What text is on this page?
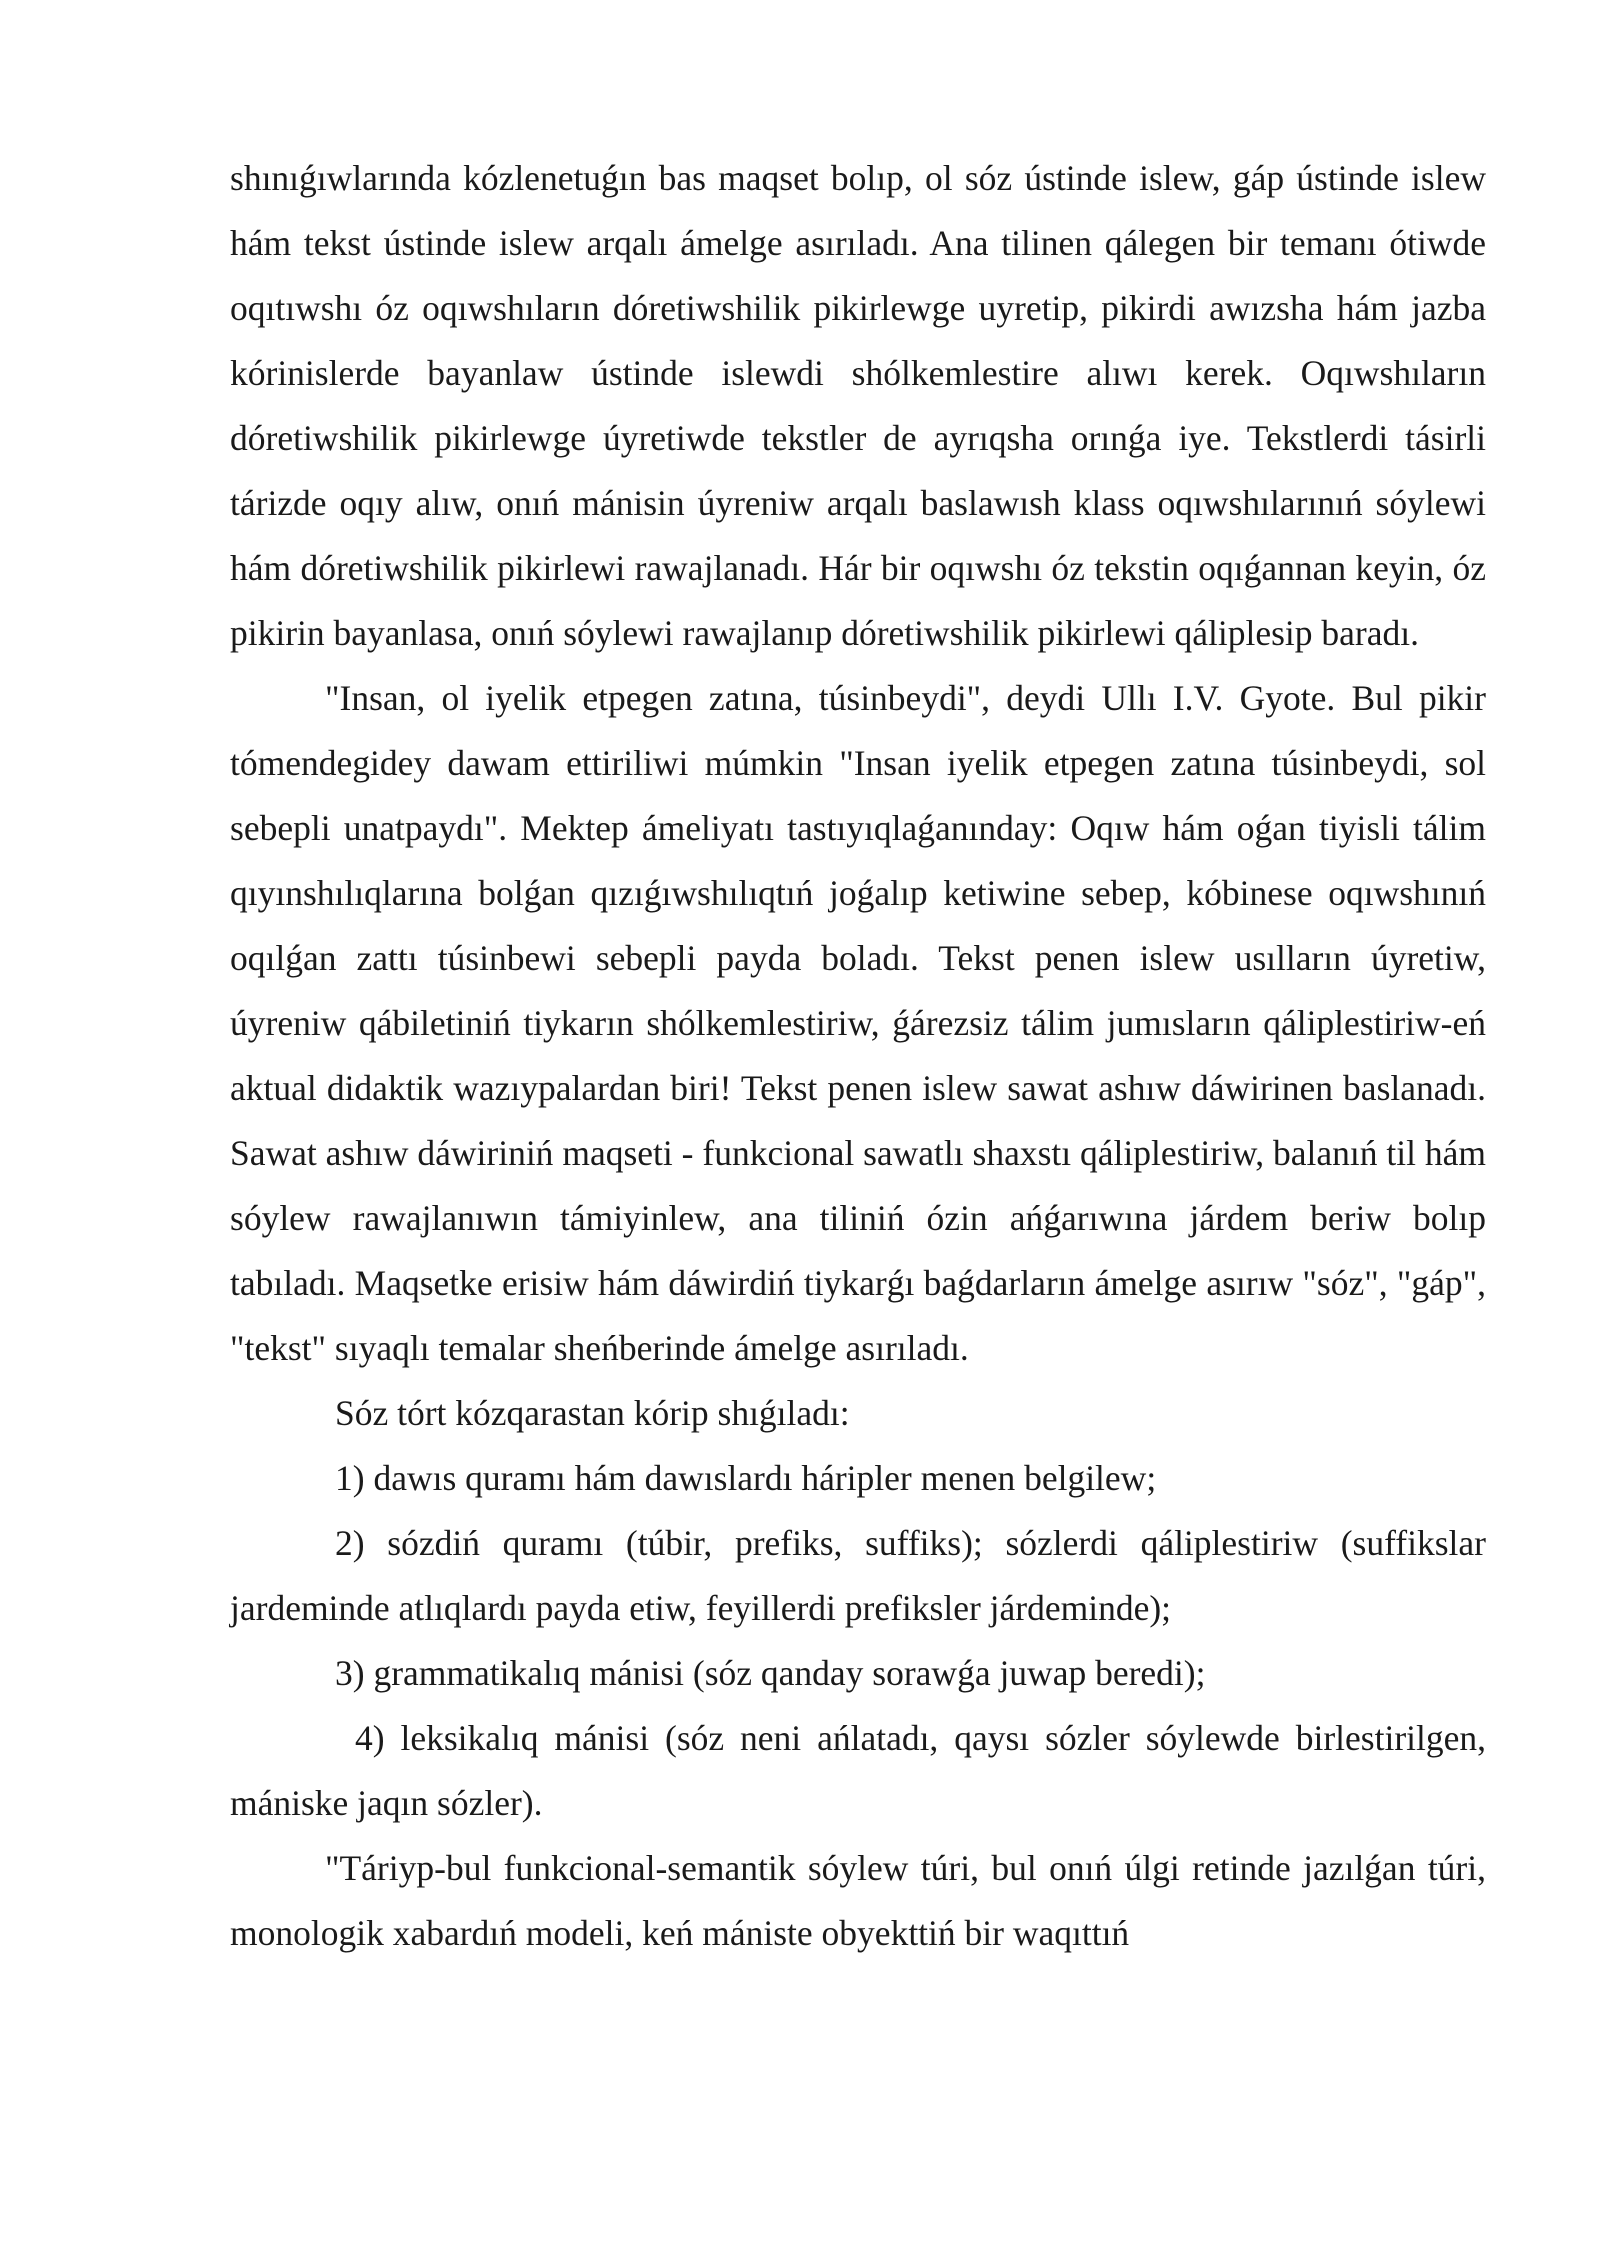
shınıǵıwlarında kózlenetuǵın bas maqset bolıp, ol sóz ústinde islew, gáp ústinde islew hám tekst ústinde islew arqalı ámelge asırıladı. Ana tilinen qálegen bir temanı ótiwde oqıtıwshı óz oqıwshıların dóretiwshilik pikirlewge uyretip, pikirdi awızsha hám jazba kórinislerde bayanlaw ústinde islewdi shólkemlestire alıwı kerek. Oqıwshıların dóretiwshilik pikirlewge úyretiwde tekstler de ayrıqsha orınǵa iye. Tekstlerdi tásirli tárizde oqıy alıw, onıń mánisin úyreniw arqalı baslawısh klass oqıwshılarınıń sóylewi hám dóretiwshilik pikirlewi rawajlanadı. Hár bir oqıwshı óz tekstin oqıǵannan keyin, óz pikirin bayanlasa, onıń sóylewi rawajlanıp dóretiwshilik pikirlewi qáliplesip baradı.

"Insan, ol iyelik etpegen zatına, túsinbeydi", deydi Ullı I.V. Gyote. Bul pikir tómendegidey dawam ettiriliwi múmkin "Insan iyelik etpegen zatına túsinbeydi, sol sebepli unatpaydı". Mektep ámeliyatı tastıyıqlaǵanınday: Oqıw hám oǵan tiyisli tálim qıyınshılıqlarına bolǵan qızıǵıwshılıqtıń joǵalıp ketiwine sebep, kóbinese oqıwshınıń oqılǵan zattı túsinbewi sebepli payda boladı. Tekst penen islew usılların úyretiw, úyreniw qábiletiniń tiykarın shólkemlestiriw, ǵárezsiz tálim jumısların qáliplestiriw-eń aktual didaktik wazıypalardan biri! Tekst penen islew sawat ashıw dáwirinen baslanadı. Sawat ashıw dáwiriniń maqseti - funkcional sawatlı shaxstı qáliplestiriw, balanıń til hám sóylew rawajlanıwın támiyinlew, ana tiliniń ózin ańǵarıwına járdem beriw bolıp tabıladı. Maqsetke erisiw hám dáwirdiń tiykarǵı baǵdarların ámelge asırıw "sóz", "gáp", "tekst" sıyaqlı temalar sheńberinde ámelge asırıladı.

Sóz tórt kózqarastan kórip shıǵıladı:

1) dawıs quramı hám dawıslardı háripler menen belgilew;

2) sózdiń quramı (túbir, prefiks, suffiks); sózlerdi qáliplestiriw (suffikslar jardeminde atlıqlardı payda etiw, feyillerdi prefiksler járdeminde);

3) grammatikalıq mánisi (sóz qanday sorawǵa juwap beredi);

4) leksikalıq mánisi (sóz neni ańlatadı, qaysı sózler sóylewde birlestirilgen, mániske jaqın sózler).

"Táriyp-bul funkcional-semantik sóylew túri, bul onıń úlgi retinde jazılǵan túri, monologik xabardıń modeli, keń mániste obyekttiń bir waqıttıń
